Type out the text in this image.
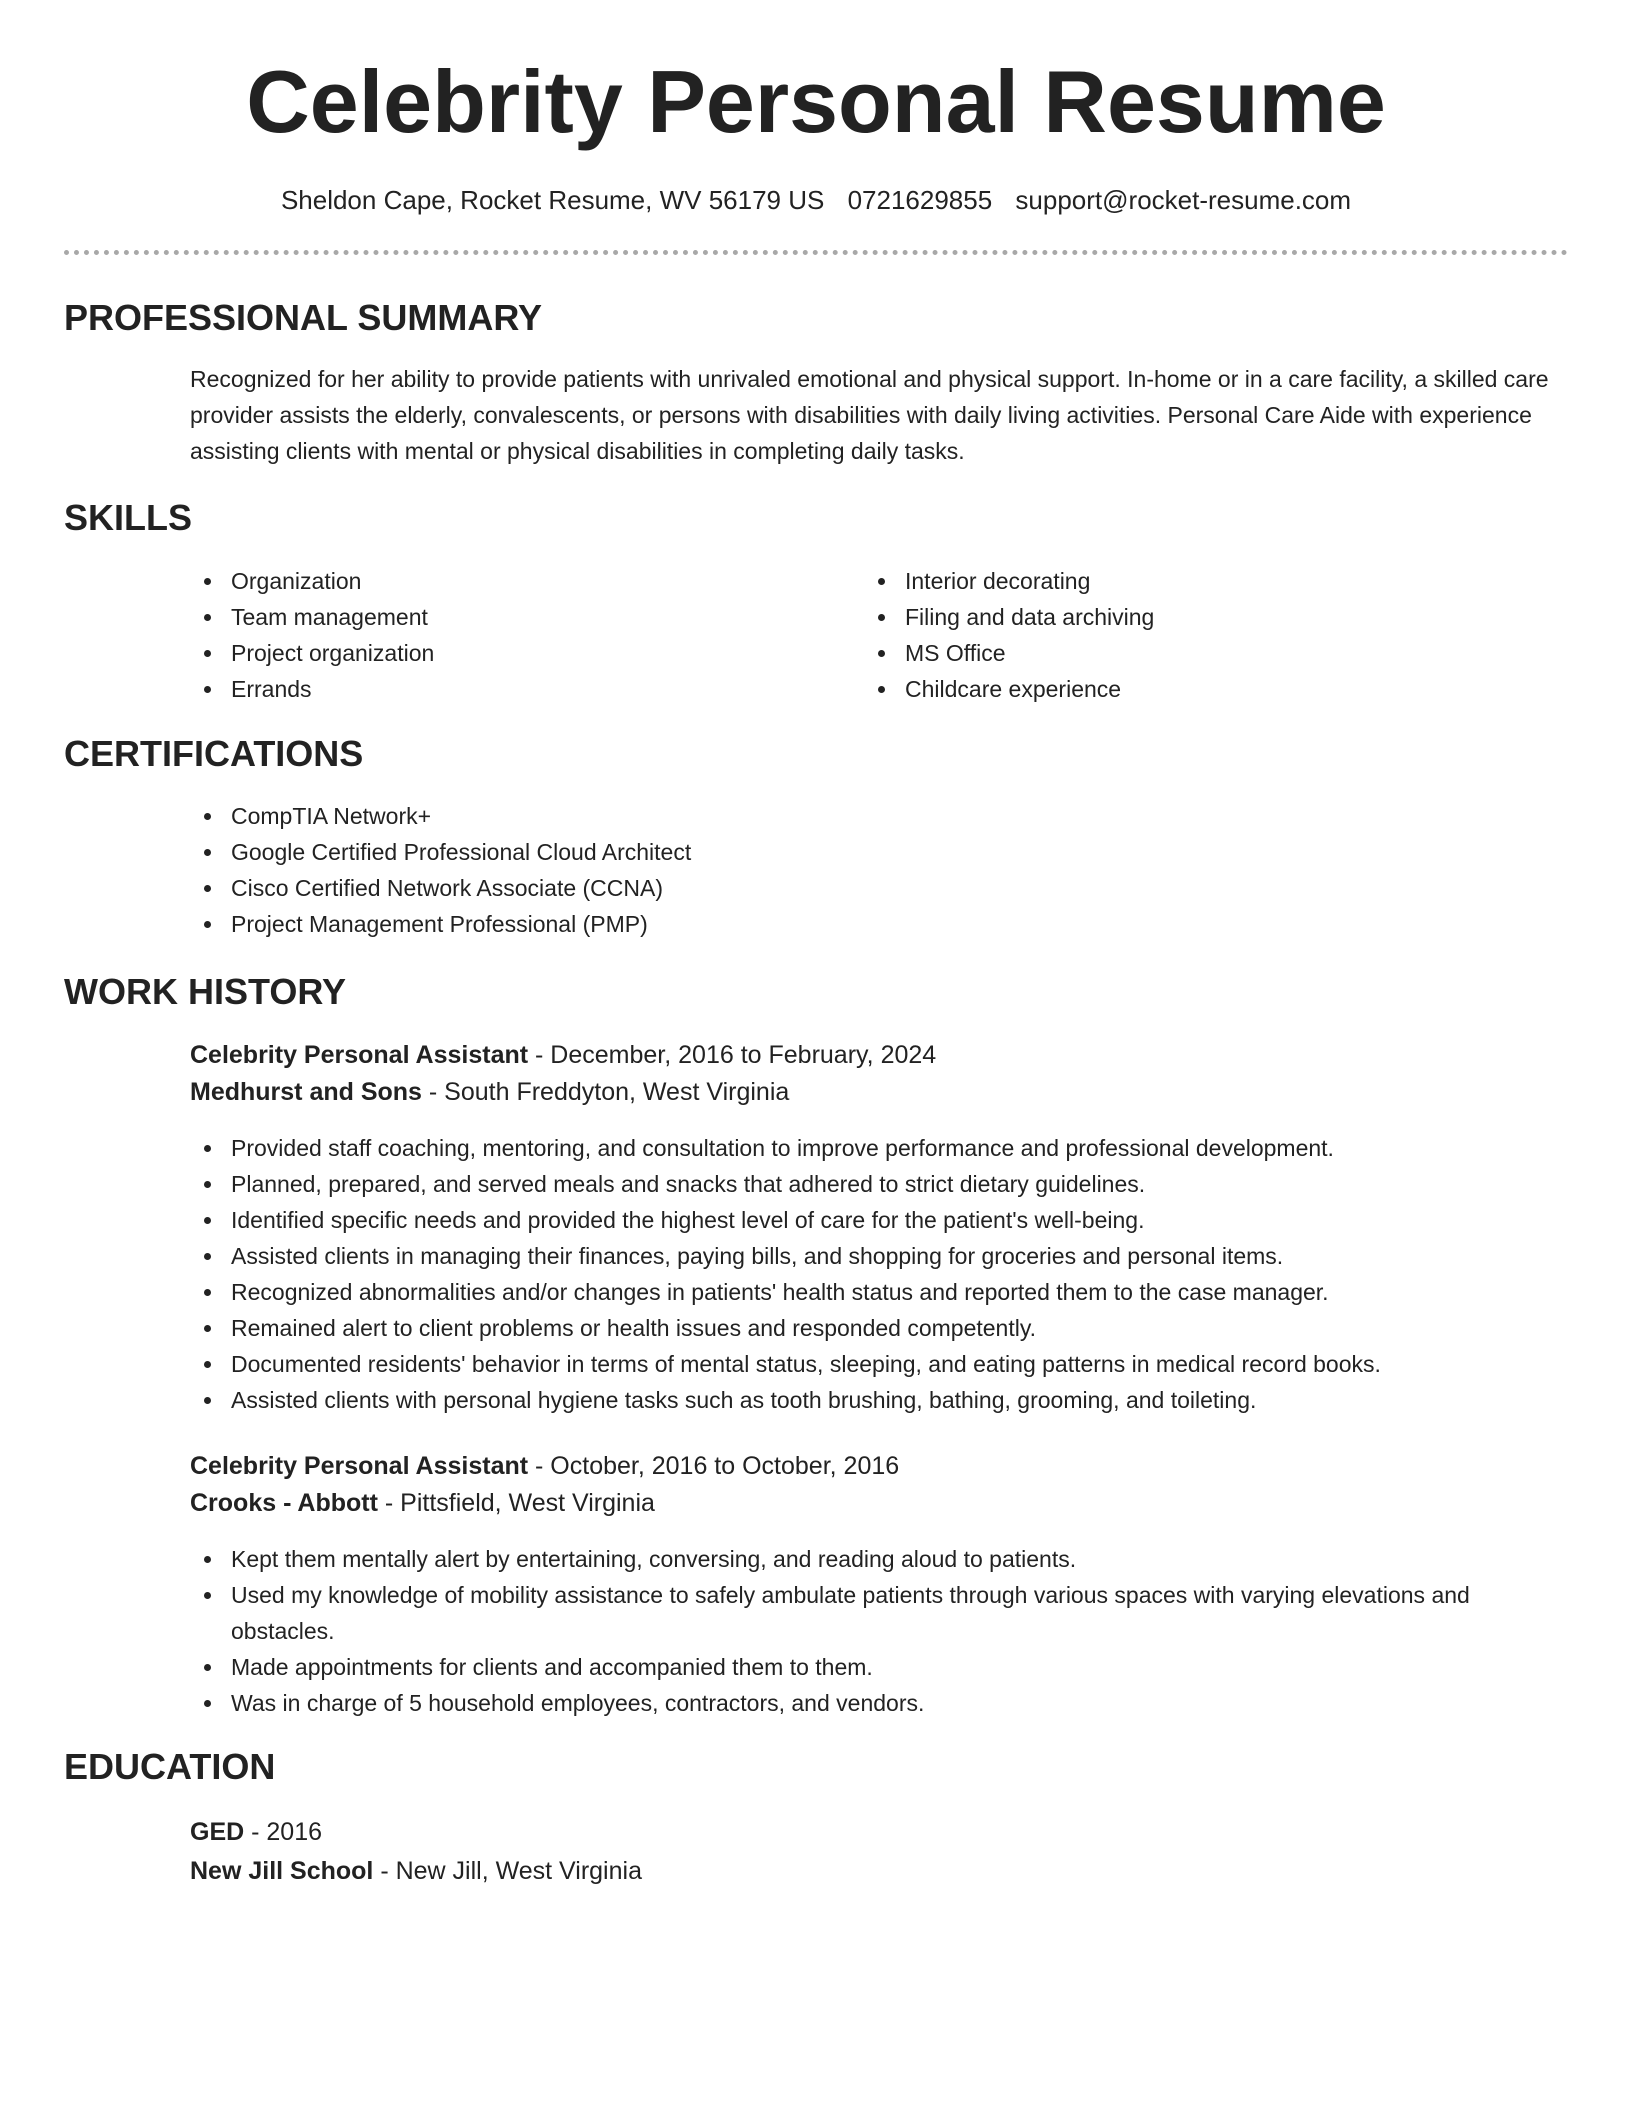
Celebrity Personal Resume
Sheldon Cape, Rocket Resume, WV 56179 US 0721629855 support@rocket-resume.com
PROFESSIONAL SUMMARY
Recognized for her ability to provide patients with unrivaled emotional and physical support. In-home or in a care facility, a skilled care provider assists the elderly, convalescents, or persons with disabilities with daily living activities. Personal Care Aide with experience assisting clients with mental or physical disabilities in completing daily tasks.
SKILLS
Organization
Team management
Project organization
Errands
Interior decorating
Filing and data archiving
MS Office
Childcare experience
CERTIFICATIONS
CompTIA Network+
Google Certified Professional Cloud Architect
Cisco Certified Network Associate (CCNA)
Project Management Professional (PMP)
WORK HISTORY
Celebrity Personal Assistant - December, 2016 to February, 2024
Medhurst and Sons - South Freddyton, West Virginia
Provided staff coaching, mentoring, and consultation to improve performance and professional development.
Planned, prepared, and served meals and snacks that adhered to strict dietary guidelines.
Identified specific needs and provided the highest level of care for the patient's well-being.
Assisted clients in managing their finances, paying bills, and shopping for groceries and personal items.
Recognized abnormalities and/or changes in patients' health status and reported them to the case manager.
Remained alert to client problems or health issues and responded competently.
Documented residents' behavior in terms of mental status, sleeping, and eating patterns in medical record books.
Assisted clients with personal hygiene tasks such as tooth brushing, bathing, grooming, and toileting.
Celebrity Personal Assistant - October, 2016 to October, 2016
Crooks - Abbott - Pittsfield, West Virginia
Kept them mentally alert by entertaining, conversing, and reading aloud to patients.
Used my knowledge of mobility assistance to safely ambulate patients through various spaces with varying elevations and obstacles.
Made appointments for clients and accompanied them to them.
Was in charge of 5 household employees, contractors, and vendors.
EDUCATION
GED - 2016
New Jill School - New Jill, West Virginia
